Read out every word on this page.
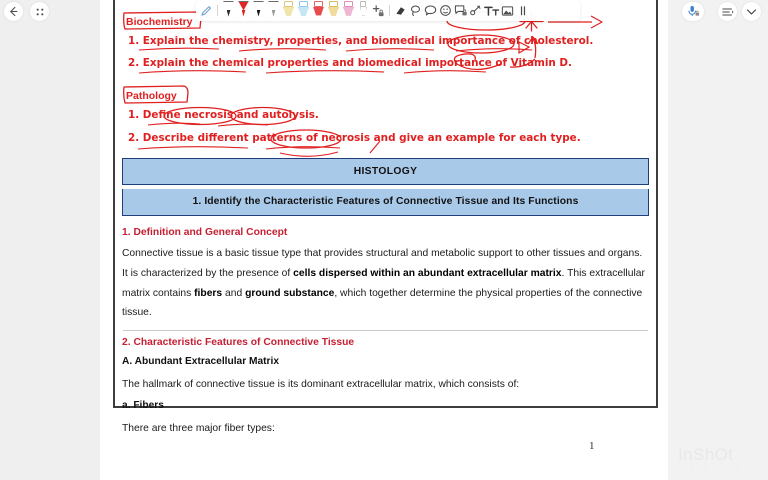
Biochemistry
1. Explain the chemistry, properties, and biomedical importance of cholesterol.
2. Explain the chemical properties and biomedical importance of Vitamin D.
Pathology
1. Define necrosis and autolysis.
2. Describe different patterns of necrosis and give an example for each type.
HISTOLOGY
1. Identify the Characteristic Features of Connective Tissue and Its Functions
1. Definition and General Concept
Connective tissue is a basic tissue type that provides structural and metabolic support to other tissues and organs. It is characterized by the presence of cells dispersed within an abundant extracellular matrix. This extracellular matrix contains fibers and ground substance, which together determine the physical properties of the connective tissue.
2. Characteristic Features of Connective Tissue
A. Abundant Extracellular Matrix
The hallmark of connective tissue is its dominant extracellular matrix, which consists of:
a. Fibers
There are three major fiber types:
1	InShOt
V I D E O E D I T O R
